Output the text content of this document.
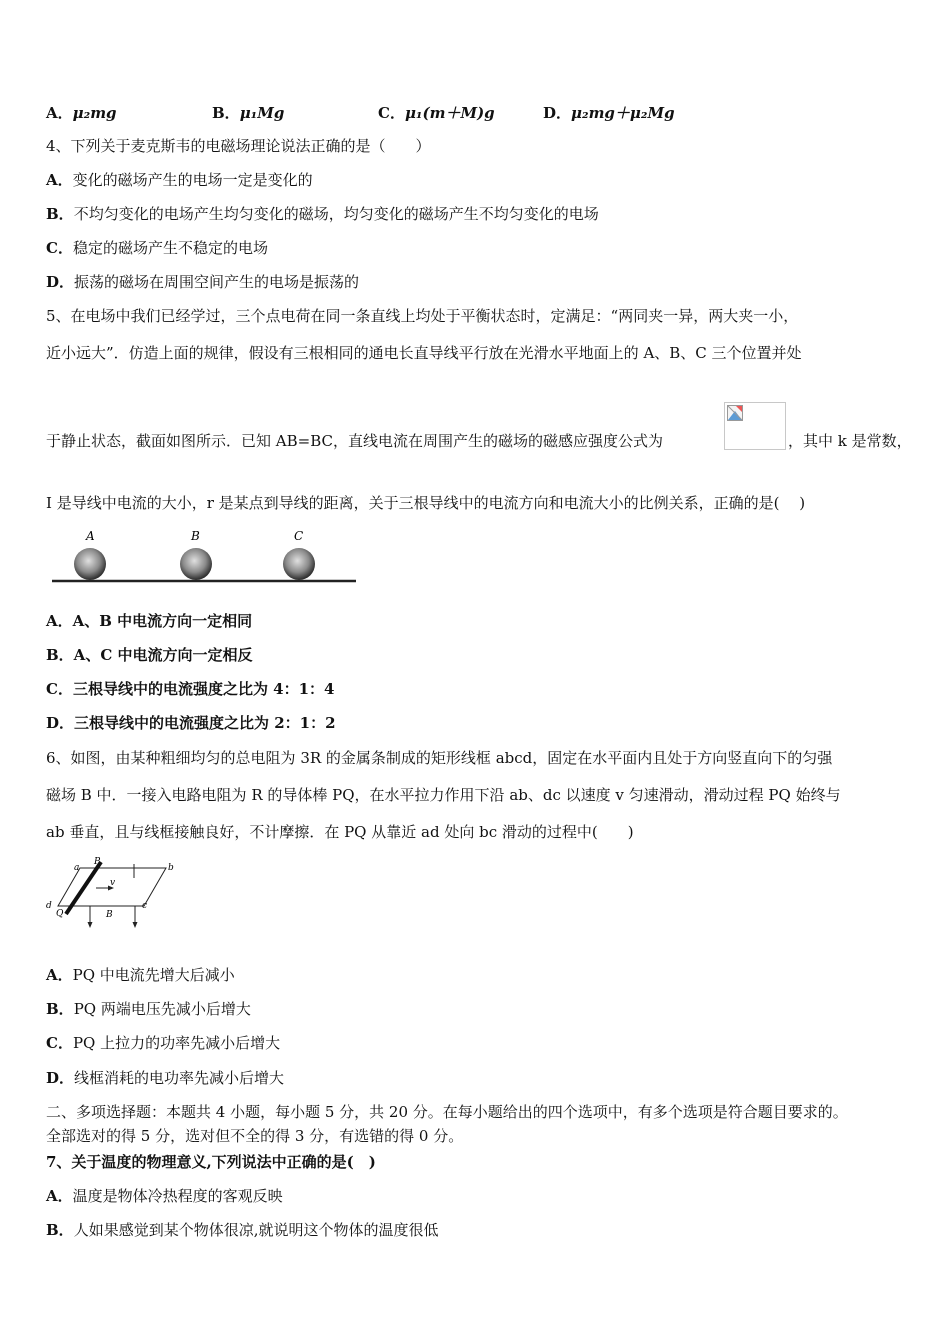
A．μ₂mg	B．μ₁Mg	C．μ₁(m＋M)g	D．μ₂mg＋μ₂Mg
4、下列关于麦克斯韦的电磁场理论说法正确的是（　　）
A．变化的磁场产生的电场一定是变化的
B．不均匀变化的电场产生均匀变化的磁场，均匀变化的磁场产生不均匀变化的电场
C．稳定的磁场产生不稳定的电场
D．振荡的磁场在周围空间产生的电场是振荡的
5、在电场中我们已经学过，三个点电荷在同一条直线上均处于平衡状态时，定满足：“两同夹一异，两大夹一小，
近小远大”．仿造上面的规律，假设有三根相同的通电长直导线平行放在光滑水平地面上的 A、B、C 三个位置并处
于静止状态，截面如图所示．已知 AB=BC，直线电流在周围产生的磁场的磁感应强度公式为	，其中 k 是常数，
I 是导线中电流的大小，r 是某点到导线的距离，关于三根导线中的电流方向和电流大小的比例关系，正确的是(　 )
A	B	C
A．A、B 中电流方向一定相同
B．A、C 中电流方向一定相反
C．三根导线中的电流强度之比为 4：1：4
D．三根导线中的电流强度之比为 2：1：2
6、如图，由某种粗细均匀的总电阻为 3R 的金属条制成的矩形线框 abcd，固定在水平面内且处于方向竖直向下的匀强
磁场 B 中．一接入电路电阻为 R 的导体棒 PQ，在水平拉力作用下沿 ab、dc 以速度 v 匀速滑动，滑动过程 PQ 始终与
ab 垂直，且与线框接触良好，不计摩擦．在 PQ 从靠近 ad 处向 bc 滑动的过程中(　　)
a	b
c
d
P
Q
v
B
A．PQ 中电流先增大后减小
B．PQ 两端电压先减小后增大
C．PQ 上拉力的功率先减小后增大
D．线框消耗的电功率先减小后增大
二、多项选择题：本题共 4 小题，每小题 5 分，共 20 分。在每小题给出的四个选项中，有多个选项是符合题目要求的。
全部选对的得 5 分，选对但不全的得 3 分，有选错的得 0 分。
7、关于温度的物理意义,下列说法中正确的是(　)
A．温度是物体冷热程度的客观反映
B．人如果感觉到某个物体很凉,就说明这个物体的温度很低
